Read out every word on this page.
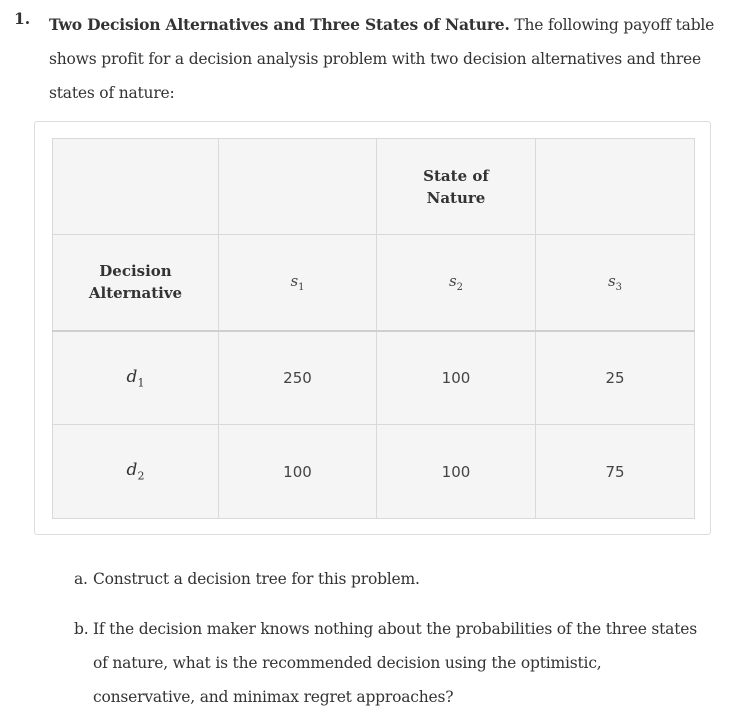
1. Two Decision Alternatives and Three States of Nature. The following payoff table shows profit for a decision analysis problem with two decision alternatives and three states of nature:
		State of
Nature	
Decision
Alternative	$s_1$	$s_2$	$s_3$
$d_1$	250	100	25
$d_2$	100	100	75
a. Construct a decision tree for this problem.
b. If the decision maker knows nothing about the probabilities of the three states of nature, what is the recommended decision using the optimistic, conservative, and minimax regret approaches?
